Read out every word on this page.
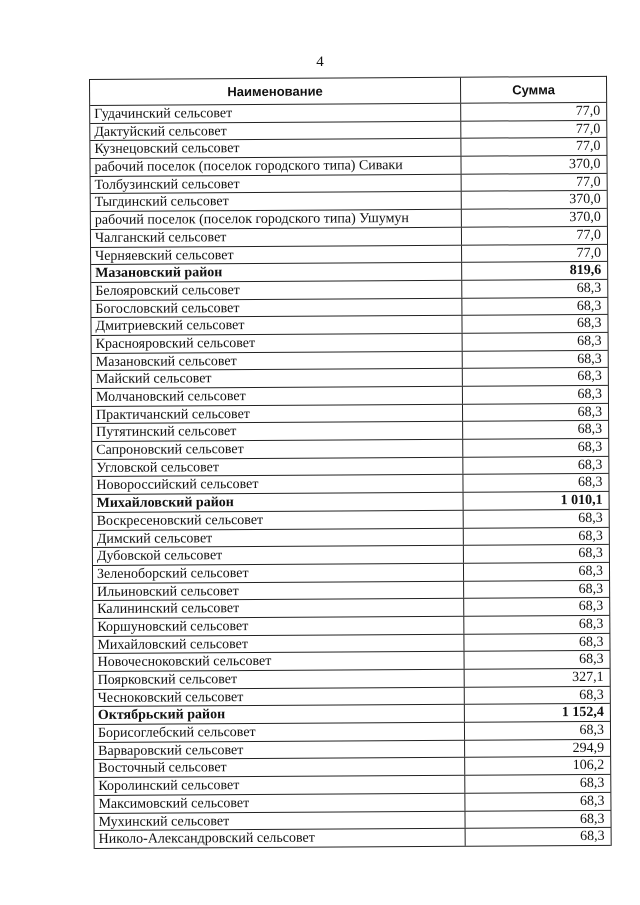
4
Наименование	Сумма
Гудачинский сельсовет	77,0
Дактуйский сельсовет	77,0
Кузнецовский сельсовет	77,0
рабочий поселок (поселок городского типа) Сиваки	370,0
Толбузинский сельсовет	77,0
Тыгдинский сельсовет	370,0
рабочий поселок (поселок городского типа) Ушумун	370,0
Чалганский сельсовет	77,0
Черняевский сельсовет	77,0
Мазановский район	819,6
Белояровский сельсовет	68,3
Богословский сельсовет	68,3
Дмитриевский сельсовет	68,3
Краснояровский сельсовет	68,3
Мазановский сельсовет	68,3
Майский сельсовет	68,3
Молчановский сельсовет	68,3
Практичанский сельсовет	68,3
Путятинский сельсовет	68,3
Сапроновский сельсовет	68,3
Угловской сельсовет	68,3
Новороссийский сельсовет	68,3
Михайловский район	1 010,1
Воскресеновский сельсовет	68,3
Димский сельсовет	68,3
Дубовской сельсовет	68,3
Зеленоборский сельсовет	68,3
Ильиновский сельсовет	68,3
Калининский сельсовет	68,3
Коршуновский сельсовет	68,3
Михайловский сельсовет	68,3
Новочесноковский сельсовет	68,3
Поярковский сельсовет	327,1
Чесноковский сельсовет	68,3
Октябрьский район	1 152,4
Борисоглебский сельсовет	68,3
Варваровский сельсовет	294,9
Восточный сельсовет	106,2
Королинский сельсовет	68,3
Максимовский сельсовет	68,3
Мухинский сельсовет	68,3
Николо-Александровский сельсовет	68,3
